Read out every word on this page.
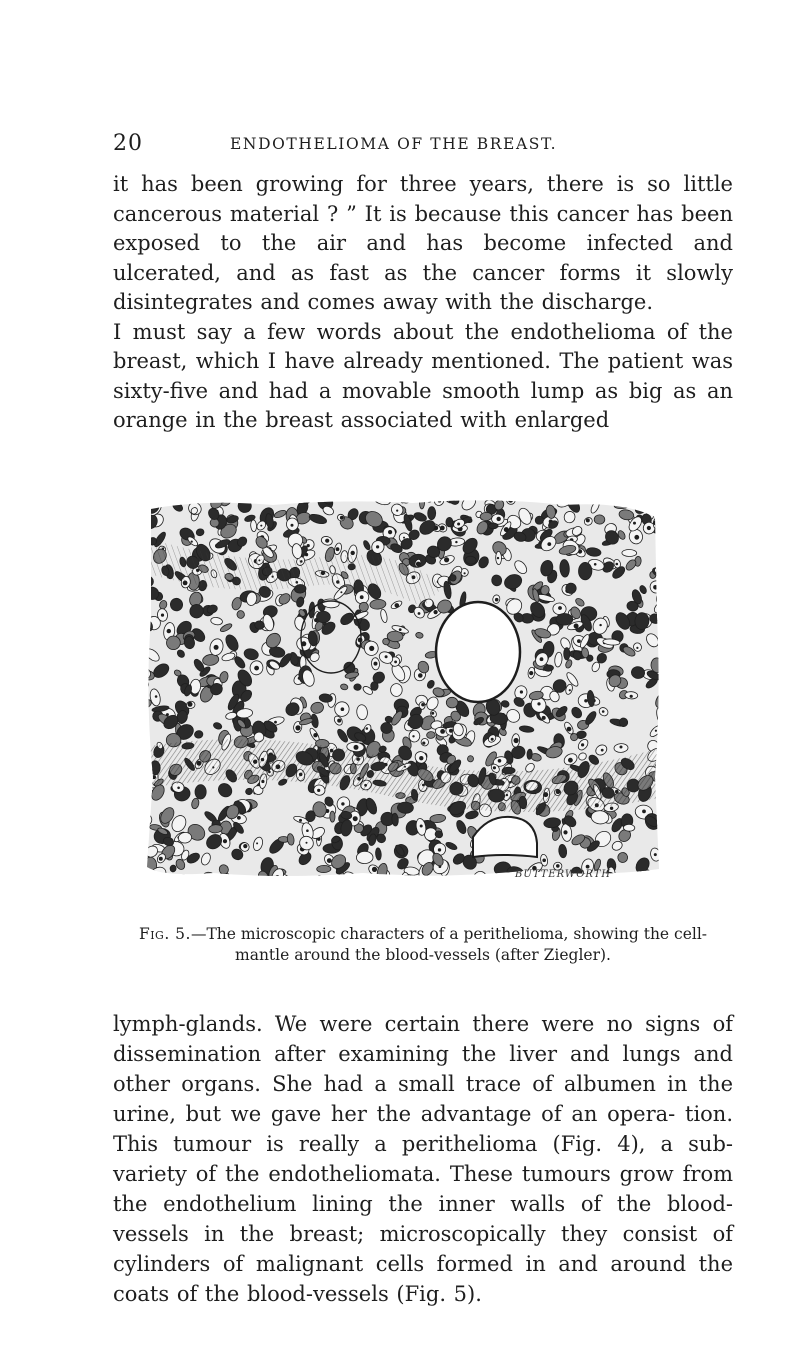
20	ENDOTHELIOMA OF THE BREAST.

it has been growing for three years, there is so little cancerous material ? ” It is because this cancer has been exposed to the air and has become infected and ulcerated, and as fast as the cancer forms it slowly disintegrates and comes away with the discharge.

I must say a few words about the endothelioma of the breast, which I have already mentioned. The patient was sixty-five and had a movable smooth lump as big as an orange in the breast associated with enlarged

BUTTERWORTH
Fig. 5.—The microscopic characters of a perithelioma, showing the cell-mantle around the blood-vessels (after Ziegler).

lymph-glands. We were certain there were no signs of dissemination after examining the liver and lungs and other organs. She had a small trace of albumen in the urine, but we gave her the advantage of an opera- tion. This tumour is really a perithelioma (Fig. 4), a sub-variety of the endotheliomata. These tumours grow from the endothelium lining the inner walls of the blood-vessels in the breast; microscopically they consist of cylinders of malignant cells formed in and around the coats of the blood-vessels (Fig. 5).
